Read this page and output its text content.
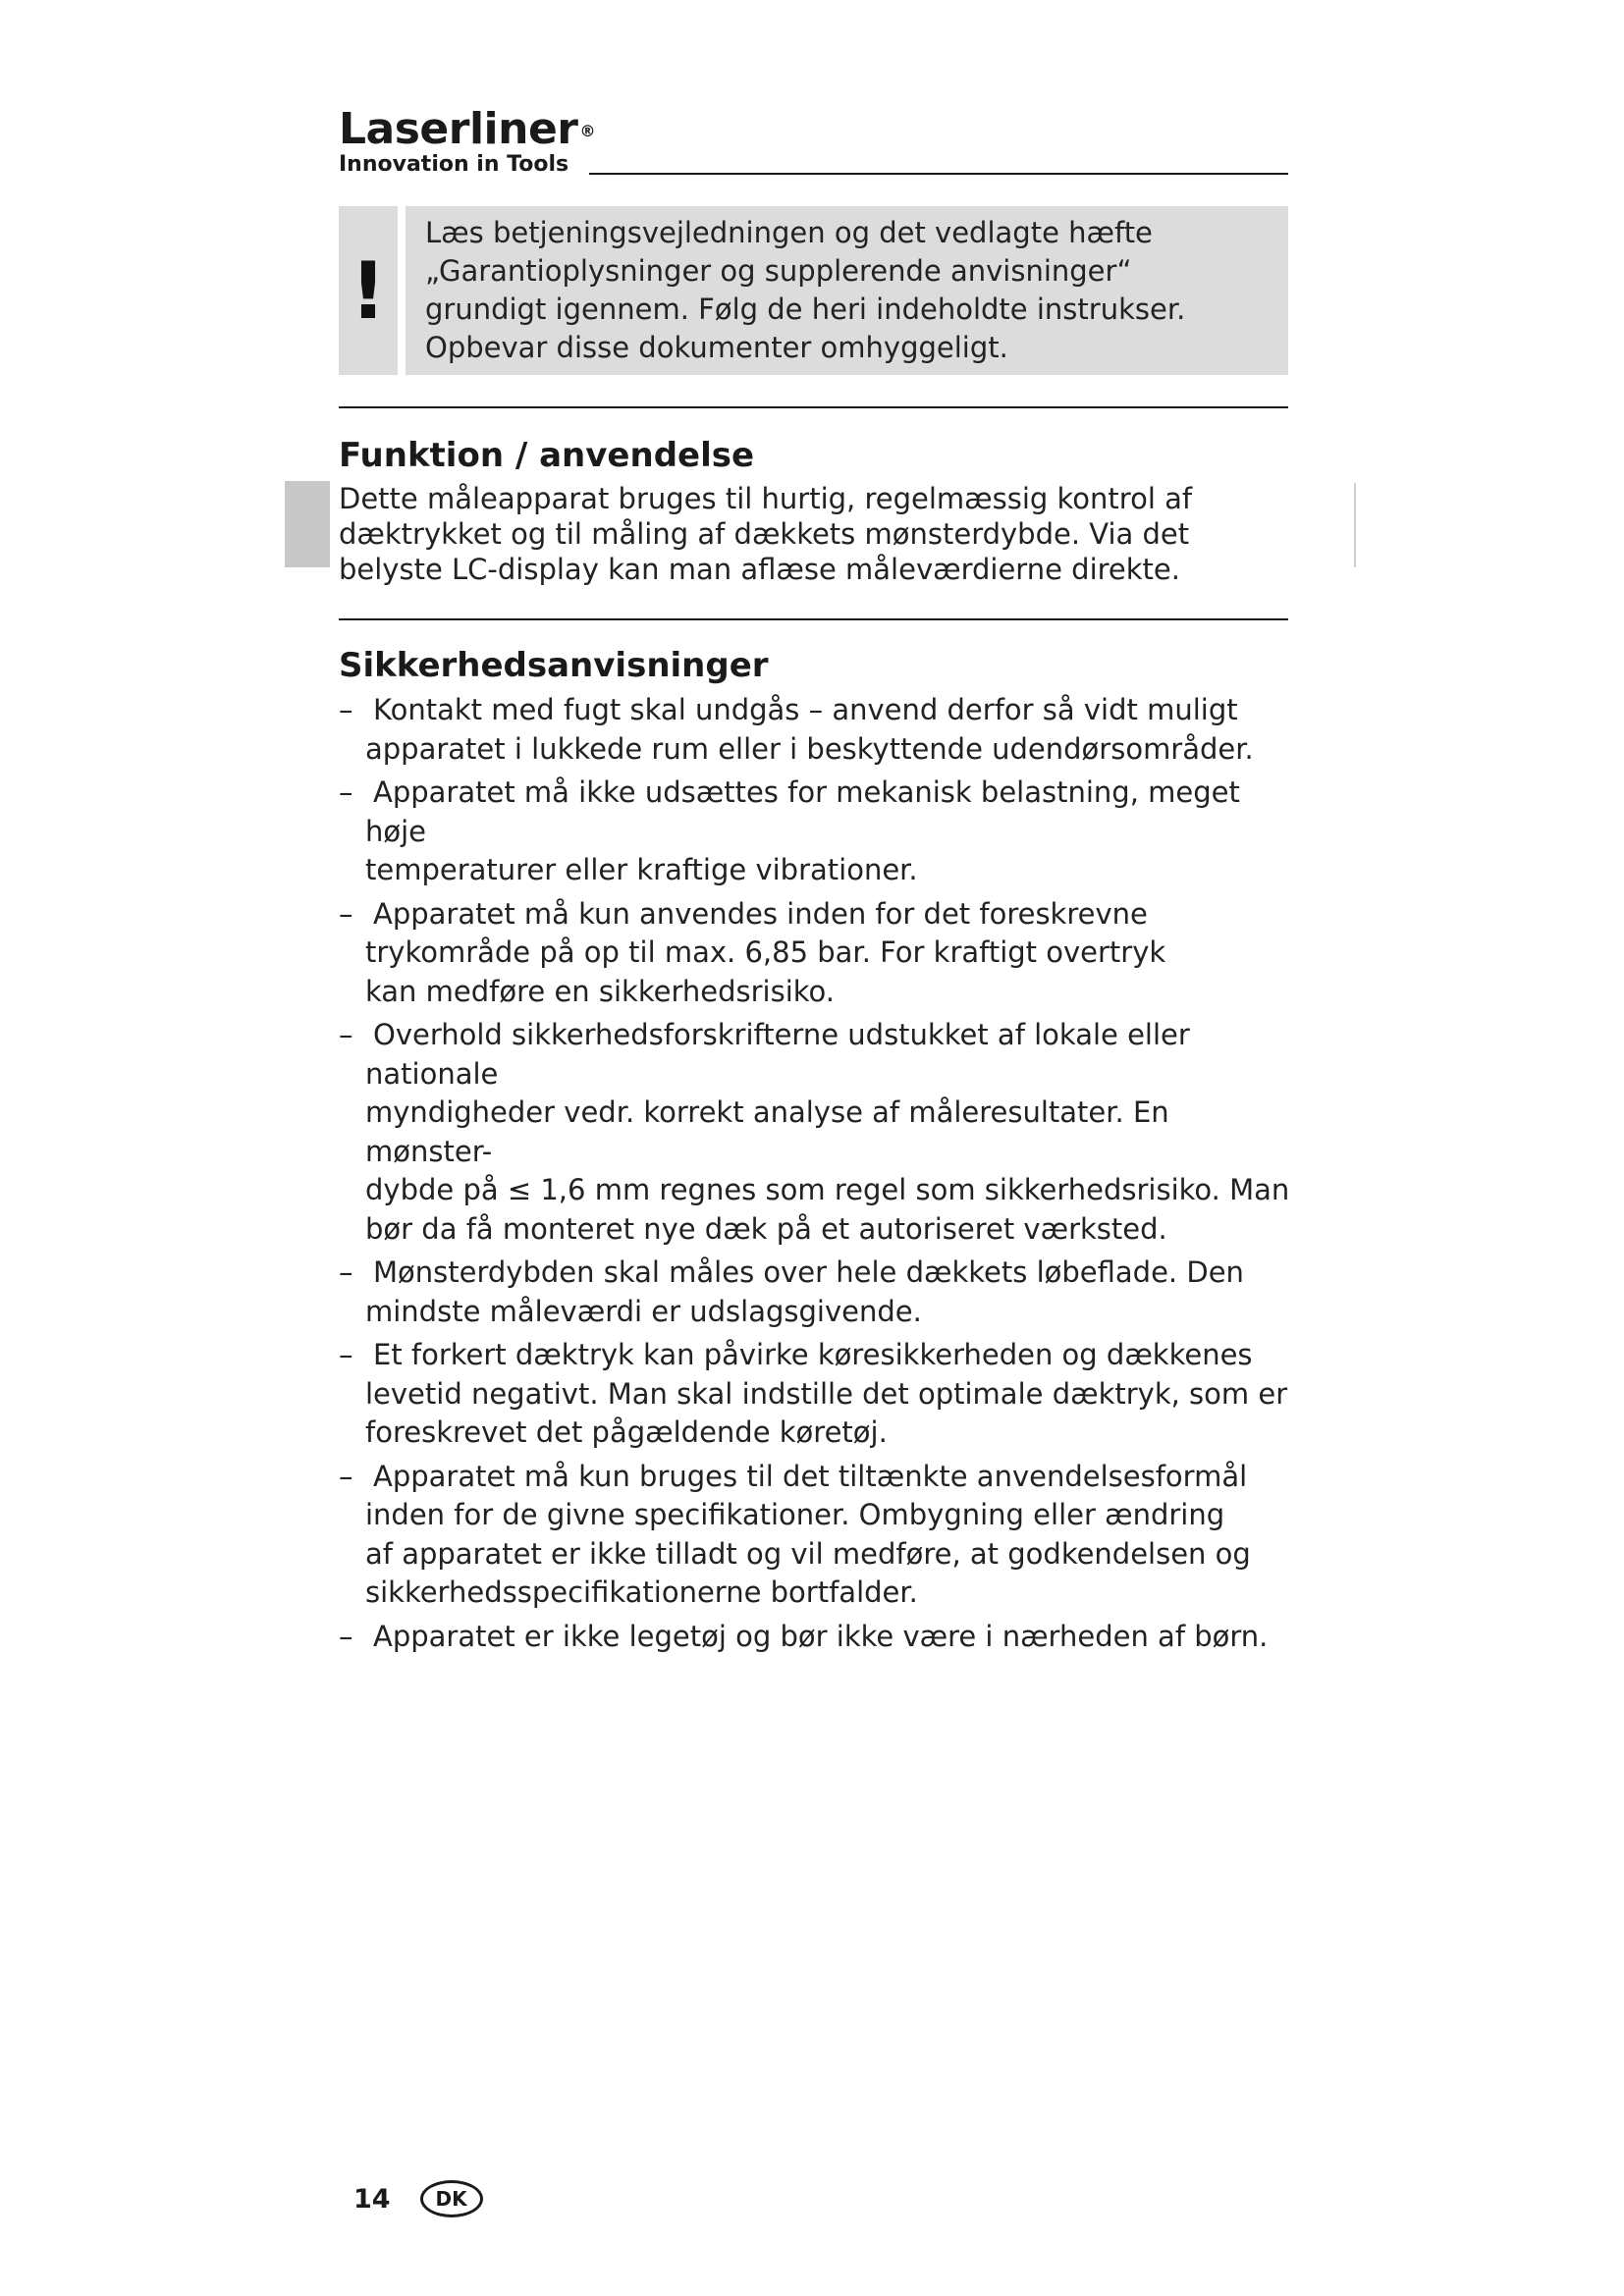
Laserliner ®
Innovation in Tools
!

Læs betjeningsvejledningen og det vedlagte hæfte

„Garantioplysninger og supplerende anvisninger“

grundigt igennem. Følg de heri indeholdte instrukser.

Opbevar disse dokumenter omhyggeligt.

Funktion / anvendelse

Dette måleapparat bruges til hurtig, regelmæssig kontrol af

dæktrykket og til måling af dækkets mønsterdybde. Via det

belyste LC-display kan man aflæse måleværdierne direkte.

Sikkerhedsanvisninger
– Kontakt med fugt skal undgås – anvend derfor så vidt muligt
apparatet i lukkede rum eller i beskyttende udendørsområder.
– Apparatet må ikke udsættes for mekanisk belastning, meget høje
temperaturer eller kraftige vibrationer.
– Apparatet må kun anvendes inden for det foreskrevne
trykområde på op til max. 6,85 bar. For kraftigt overtryk
kan medføre en sikkerhedsrisiko.
– Overhold sikkerhedsforskrifterne udstukket af lokale eller nationale
myndigheder vedr. korrekt analyse af måleresultater. En mønster-
dybde på ≤ 1,6 mm regnes som regel som sikkerhedsrisiko. Man
bør da få monteret nye dæk på et autoriseret værksted.
– Mønsterdybden skal måles over hele dækkets løbeflade. Den
mindste måleværdi er udslagsgivende.
– Et forkert dæktryk kan påvirke køresikkerheden og dækkenes
levetid negativt. Man skal indstille det optimale dæktryk, som er
foreskrevet det pågældende køretøj.
– Apparatet må kun bruges til det tiltænkte anvendelsesformål
inden for de givne specifikationer. Ombygning eller ændring
af apparatet er ikke tilladt og vil medføre, at godkendelsen og
sikkerhedsspecifikationerne bortfalder.
– Apparatet er ikke legetøj og bør ikke være i nærheden af børn.
14	DK
